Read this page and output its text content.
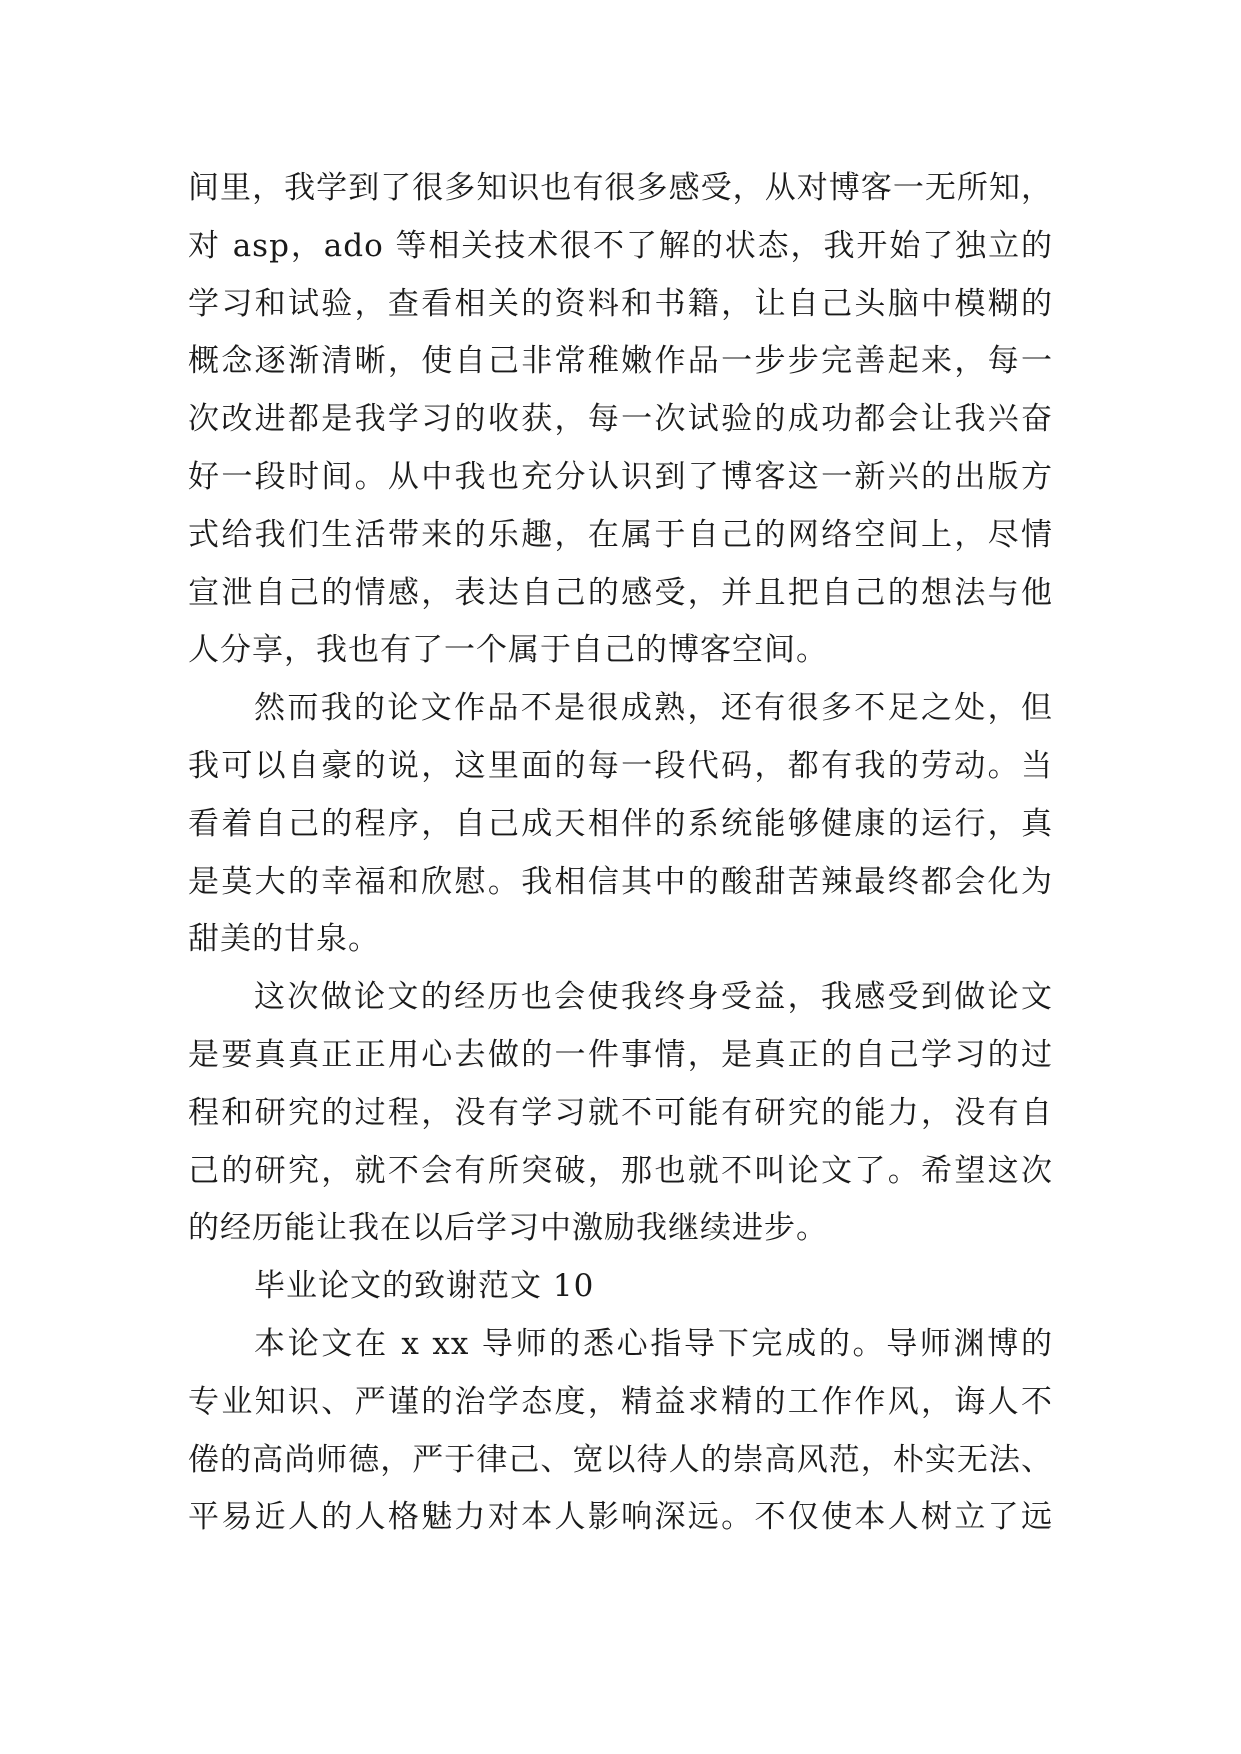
间里，我学到了很多知识也有很多感受，从对博客一无所知，
对 asp，ado 等相关技术很不了解的状态，我开始了独立的
学习和试验，查看相关的资料和书籍，让自己头脑中模糊的
概念逐渐清晰，使自己非常稚嫩作品一步步完善起来，每一
次改进都是我学习的收获，每一次试验的成功都会让我兴奋
好一段时间。从中我也充分认识到了博客这一新兴的出版方
式给我们生活带来的乐趣，在属于自己的网络空间上，尽情
宣泄自己的情感，表达自己的感受，并且把自己的想法与他
人分享，我也有了一个属于自己的博客空间。
然而我的论文作品不是很成熟，还有很多不足之处，但
我可以自豪的说，这里面的每一段代码，都有我的劳动。当
看着自己的程序，自己成天相伴的系统能够健康的运行，真
是莫大的幸福和欣慰。我相信其中的酸甜苦辣最终都会化为
甜美的甘泉。
这次做论文的经历也会使我终身受益，我感受到做论文
是要真真正正用心去做的一件事情，是真正的自己学习的过
程和研究的过程，没有学习就不可能有研究的能力，没有自
己的研究，就不会有所突破，那也就不叫论文了。希望这次
的经历能让我在以后学习中激励我继续进步。
毕业论文的致谢范文 10
本论文在 x xx 导师的悉心指导下完成的。导师渊博的
专业知识、严谨的治学态度，精益求精的工作作风，诲人不
倦的高尚师德，严于律己、宽以待人的崇高风范，朴实无法、
平易近人的人格魅力对本人影响深远。不仅使本人树立了远
